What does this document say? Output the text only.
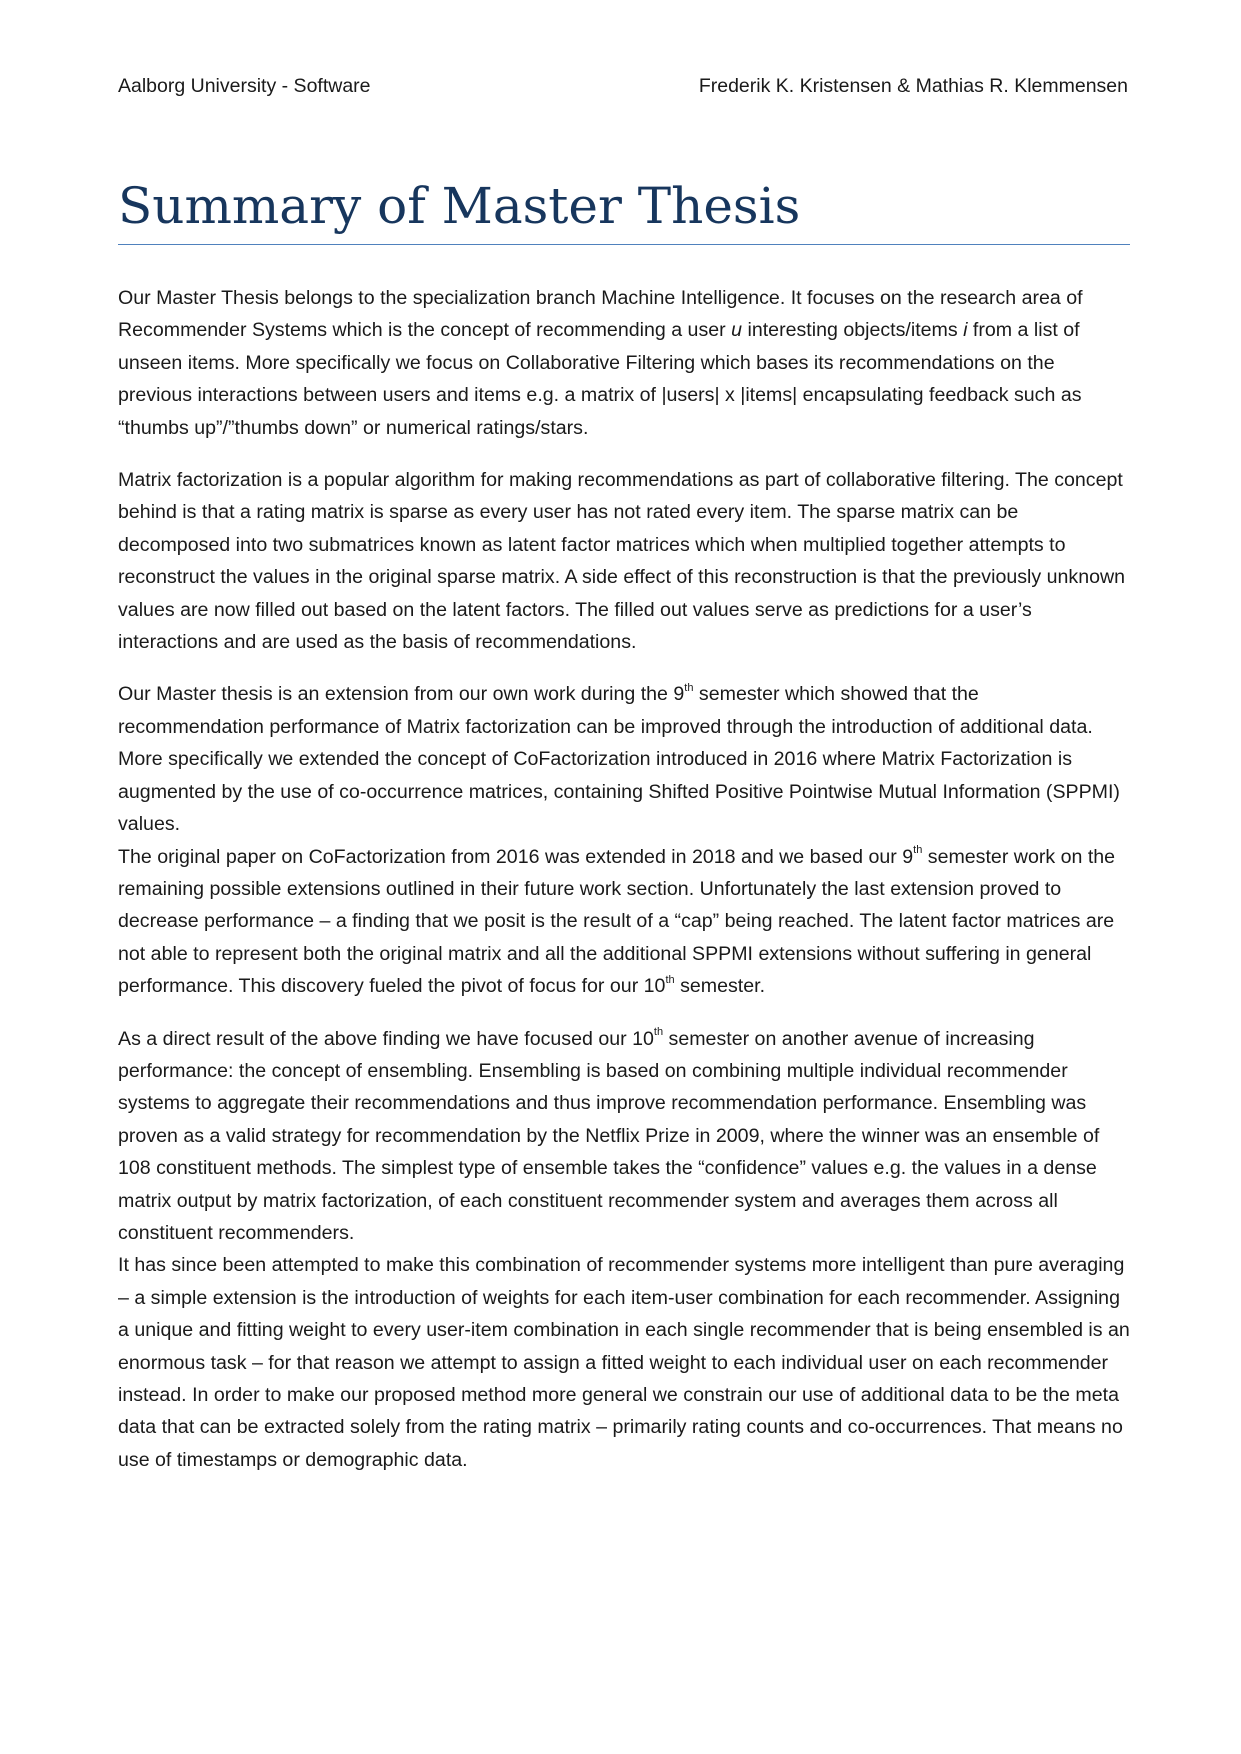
Aalborg University - Software	Frederik K. Kristensen & Mathias R. Klemmensen
Summary of Master Thesis

Our Master Thesis belongs to the specialization branch Machine Intelligence. It focuses on the research area of Recommender Systems which is the concept of recommending a user u interesting objects/items i from a list of unseen items. More specifically we focus on Collaborative Filtering which bases its recommendations on the previous interactions between users and items e.g. a matrix of |users| x |items| encapsulating feedback such as “thumbs up”/”thumbs down” or numerical ratings/stars.

Matrix factorization is a popular algorithm for making recommendations as part of collaborative filtering. The concept behind is that a rating matrix is sparse as every user has not rated every item. The sparse matrix can be decomposed into two submatrices known as latent factor matrices which when multiplied together attempts to reconstruct the values in the original sparse matrix. A side effect of this reconstruction is that the previously unknown values are now filled out based on the latent factors. The filled out values serve as predictions for a user’s interactions and are used as the basis of recommendations.

Our Master thesis is an extension from our own work during the 9th semester which showed that the recommendation performance of Matrix factorization can be improved through the introduction of additional data. More specifically we extended the concept of CoFactorization introduced in 2016 where Matrix Factorization is augmented by the use of co-occurrence matrices, containing Shifted Positive Pointwise Mutual Information (SPPMI) values.

The original paper on CoFactorization from 2016 was extended in 2018 and we based our 9th semester work on the remaining possible extensions outlined in their future work section. Unfortunately the last extension proved to decrease performance – a finding that we posit is the result of a “cap” being reached. The latent factor matrices are not able to represent both the original matrix and all the additional SPPMI extensions without suffering in general performance. This discovery fueled the pivot of focus for our 10th semester.

As a direct result of the above finding we have focused our 10th semester on another avenue of increasing performance: the concept of ensembling. Ensembling is based on combining multiple individual recommender systems to aggregate their recommendations and thus improve recommendation performance. Ensembling was proven as a valid strategy for recommendation by the Netflix Prize in 2009, where the winner was an ensemble of 108 constituent methods. The simplest type of ensemble takes the “confidence” values e.g. the values in a dense matrix output by matrix factorization, of each constituent recommender system and averages them across all constituent recommenders.

It has since been attempted to make this combination of recommender systems more intelligent than pure averaging – a simple extension is the introduction of weights for each item-user combination for each recommender. Assigning a unique and fitting weight to every user-item combination in each single recommender that is being ensembled is an enormous task – for that reason we attempt to assign a fitted weight to each individual user on each recommender instead. In order to make our proposed method more general we constrain our use of additional data to be the meta data that can be extracted solely from the rating matrix – primarily rating counts and co-occurrences. That means no use of timestamps or demographic data.
